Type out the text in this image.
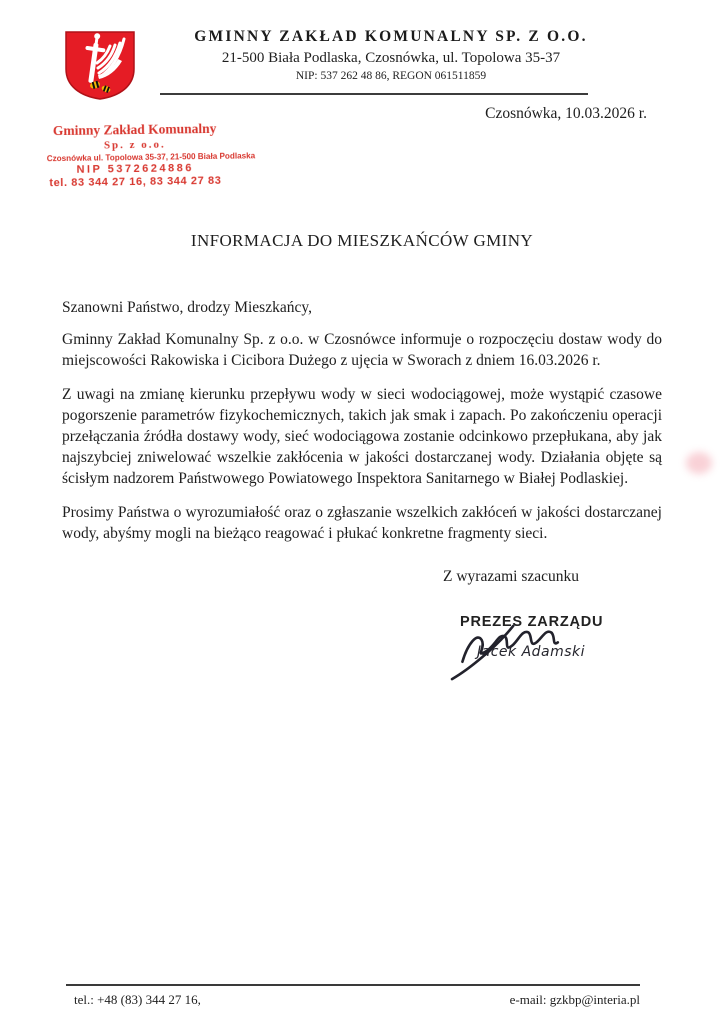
GMINNY ZAKŁAD KOMUNALNY SP. Z O.O.
21-500 Biała Podlaska, Czosnówka, ul. Topolowa 35-37
NIP: 537 262 48 86, REGON 061511859
Czosnówka, 10.03.2026 r.
Gminny Zakład Komunalny
Sp. z o.o.
Czosnówka ul. Topolowa 35-37, 21-500 Biała Podlaska
NIP 5372624886
tel. 83 344 27 16, 83 344 27 83
INFORMACJA DO MIESZKAŃCÓW GMINY

Szanowni Państwo, drodzy Mieszkańcy,

Gminny Zakład Komunalny Sp. z o.o. w Czosnówce informuje o rozpoczęciu dostaw wody do miejscowości Rakowiska i Cicibora Dużego z ujęcia w Sworach z dniem 16.03.2026 r.

Z uwagi na zmianę kierunku przepływu wody w sieci wodociągowej, może wystąpić czasowe pogorszenie parametrów fizykochemicznych, takich jak smak i zapach. Po zakończeniu operacji przełączania źródła dostawy wody, sieć wodociągowa zostanie odcinkowo przepłukana, aby jak najszybciej zniwelować wszelkie zakłócenia w jakości dostarczanej wody. Działania objęte są ścisłym nadzorem Państwowego Powiatowego Inspektora Sanitarnego w Białej Podlaskiej.

Prosimy Państwa o wyrozumiałość oraz o zgłaszanie wszelkich zakłóceń w jakości dostarczanej wody, abyśmy mogli na bieżąco reagować i płukać konkretne fragmenty sieci.

Z wyrazami szacunku
PREZES ZARZĄDU
Jacek Adamski
tel.: +48 (83) 344 27 16,	e-mail: gzkbp@interia.pl
